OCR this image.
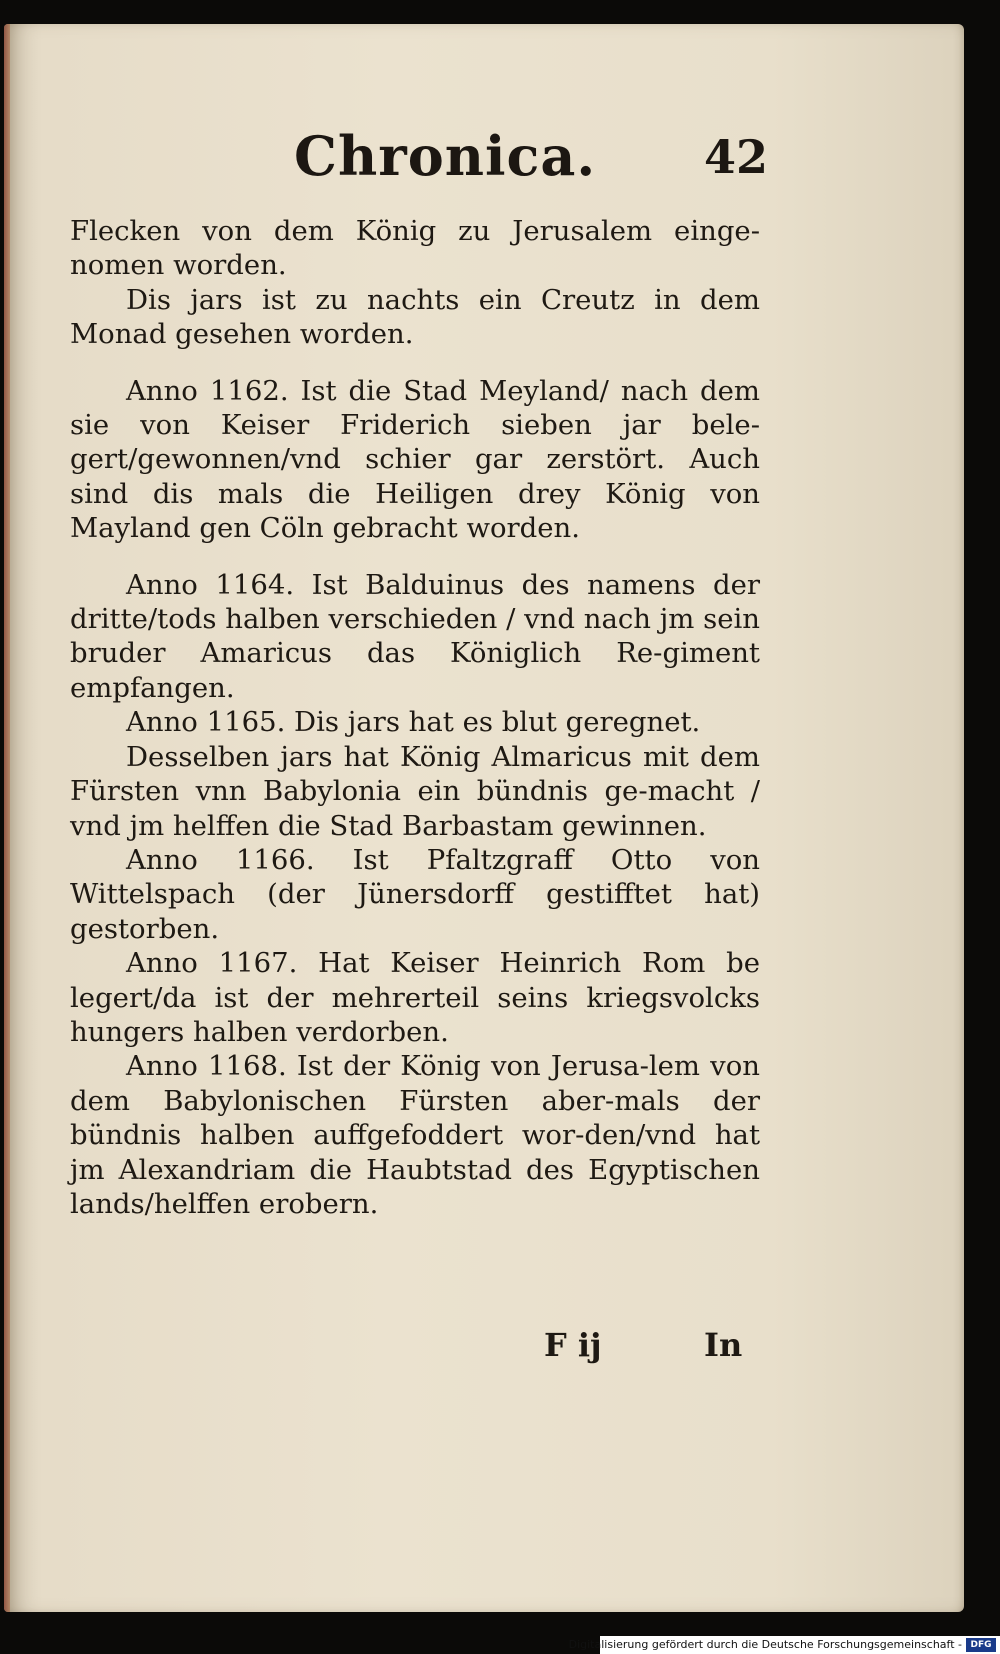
Chronica. 42

Flecken von dem König zu Jerusalem einge-nomen worden.

Dis jars ist zu nachts ein Creutz in dem Monad gesehen worden.

Anno 1162. Ist die Stad Meyland/ nach dem sie von Keiser Friderich sieben jar bele-gert/gewonnen/vnd schier gar zerstört. Auch sind dis mals die Heiligen drey König von Mayland gen Cöln gebracht worden.

Anno 1164. Ist Balduinus des namens der dritte/tods halben verschieden / vnd nach jm sein bruder Amaricus das Königlich Re-giment empfangen.

Anno 1165. Dis jars hat es blut geregnet.

Desselben jars hat König Almaricus mit dem Fürsten vnn Babylonia ein bündnis ge-macht / vnd jm helffen die Stad Barbastam gewinnen.

Anno 1166. Ist Pfaltzgraff Otto von Wittelspach (der Jünersdorff gestifftet hat) gestorben.

Anno 1167. Hat Keiser Heinrich Rom be legert/da ist der mehrerteil seins kriegsvolcks hungers halben verdorben.

Anno 1168. Ist der König von Jerusa-lem von dem Babylonischen Fürsten aber-mals der bündnis halben auffgefoddert wor-den/vnd hat jm Alexandriam die Haubtstad des Egyptischen lands/helffen erobern.

F ij	In
Digitalisierung gefördert durch die Deutsche Forschungsgemeinschaft - DFG
